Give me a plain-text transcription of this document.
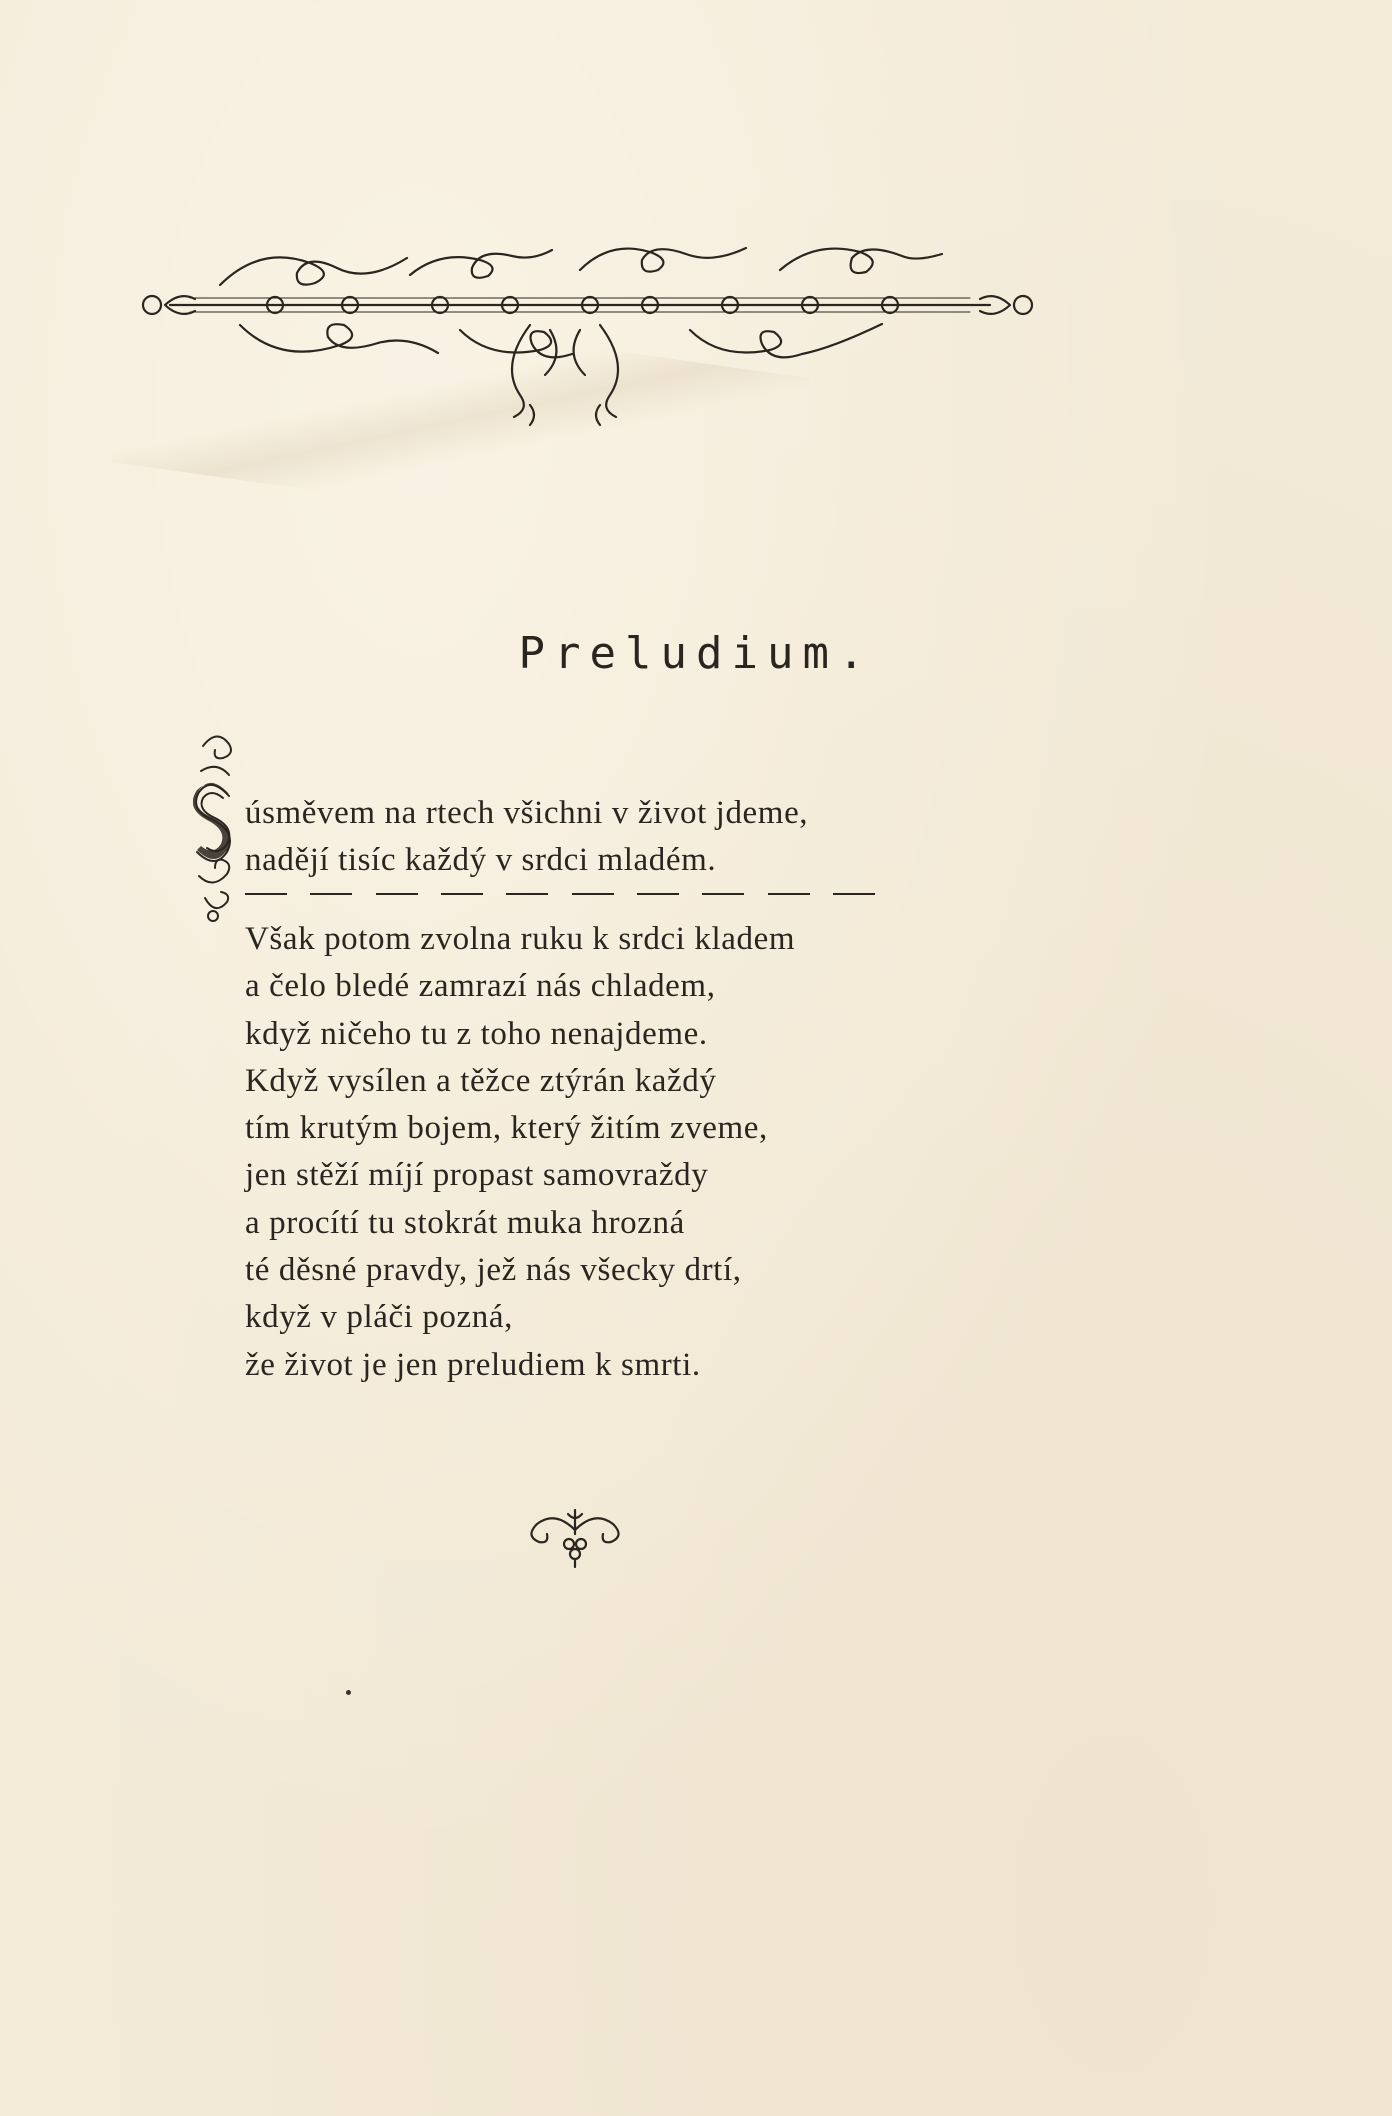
Preludium.
úsměvem na rtech všichni v život jdeme,
nadějí tisíc každý v srdci mladém.
Však potom zvolna ruku k srdci kladem
a čelo bledé zamrazí nás chladem,
když ničeho tu z toho nenajdeme.
Když vysílen a těžce ztýrán každý
tím krutým bojem, který žitím zveme,
jen stěží míjí propast samovraždy
a procítí tu stokrát muka hrozná
té děsné pravdy, jež nás všecky drtí,
když v pláči pozná,
že život je jen preludiem k smrti.
